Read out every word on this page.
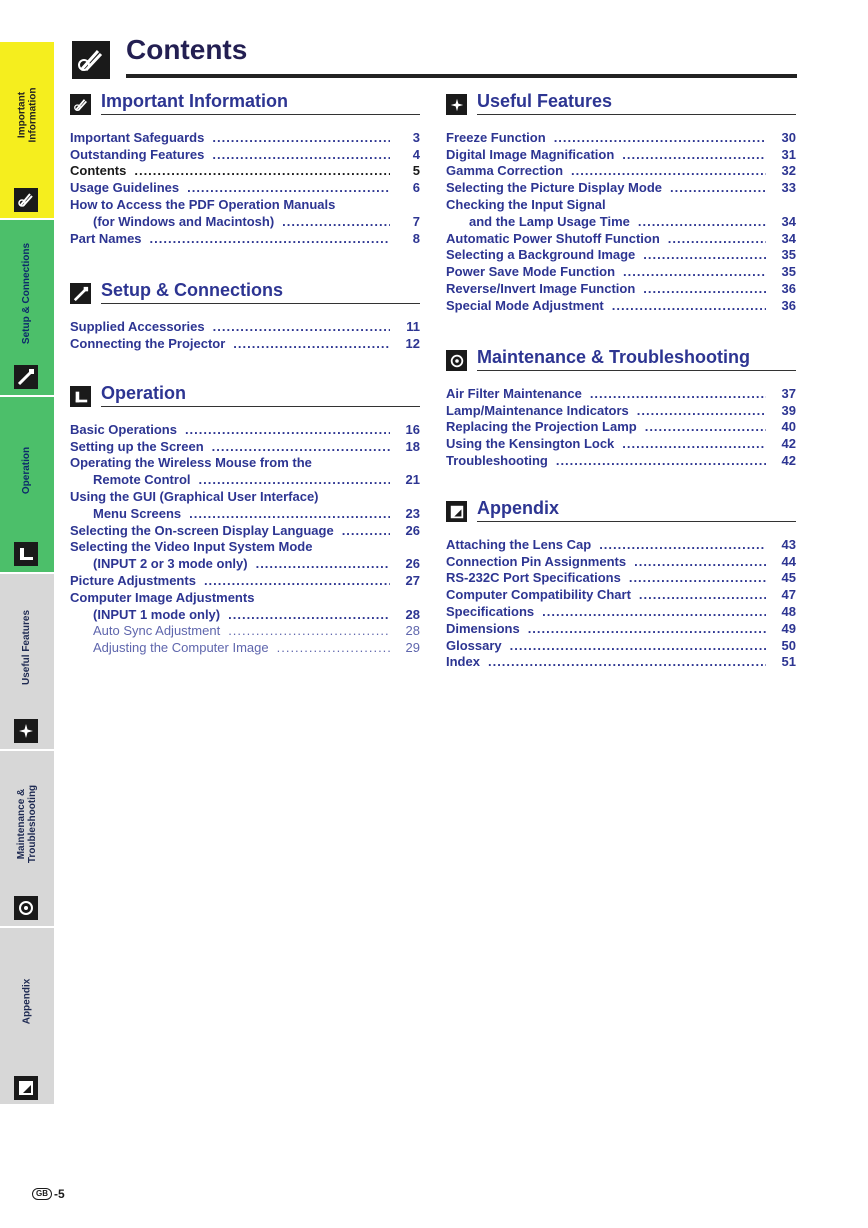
Important
Information
Setup & Connections
Operation
Useful Features
Maintenance &
Troubleshooting
Appendix
Contents
Important Information
Important Safeguards .....	3
Outstanding Features .....	4
Contents .....	5
Usage Guidelines .....	6
How to Access the PDF Operation Manuals
(for Windows and Macintosh) .....	7
Part Names .....	8
Setup & Connections
Supplied Accessories .....	11
Connecting the Projector .....	12
Operation
Basic Operations .....	16
Setting up the Screen .....	18
Operating the Wireless Mouse from the
Remote Control .....	21
Using the GUI (Graphical User Interface)
Menu Screens .....	23
Selecting the On-screen Display Language .....	26
Selecting the Video Input System Mode
(INPUT 2 or 3 mode only) .....	26
Picture Adjustments .....	27
Computer Image Adjustments
(INPUT 1 mode only) .....	28
Auto Sync Adjustment .....	28
Adjusting the Computer Image .....	29
Useful Features
Freeze Function .....	30
Digital Image Magnification .....	31
Gamma Correction .....	32
Selecting the Picture Display Mode .....	33
Checking the Input Signal
and the Lamp Usage Time .....	34
Automatic Power Shutoff Function .....	34
Selecting a Background Image .....	35
Power Save Mode Function .....	35
Reverse/Invert Image Function .....	36
Special Mode Adjustment .....	36
Maintenance & Troubleshooting
Air Filter Maintenance .....	37
Lamp/Maintenance Indicators .....	39
Replacing the Projection Lamp .....	40
Using the Kensington Lock .....	42
Troubleshooting .....	42
Appendix
Attaching the Lens Cap .....	43
Connection Pin Assignments .....	44
RS-232C Port Specifications .....	45
Computer Compatibility Chart .....	47
Specifications .....	48
Dimensions .....	49
Glossary .....	50
Index .....	51
GB -5
